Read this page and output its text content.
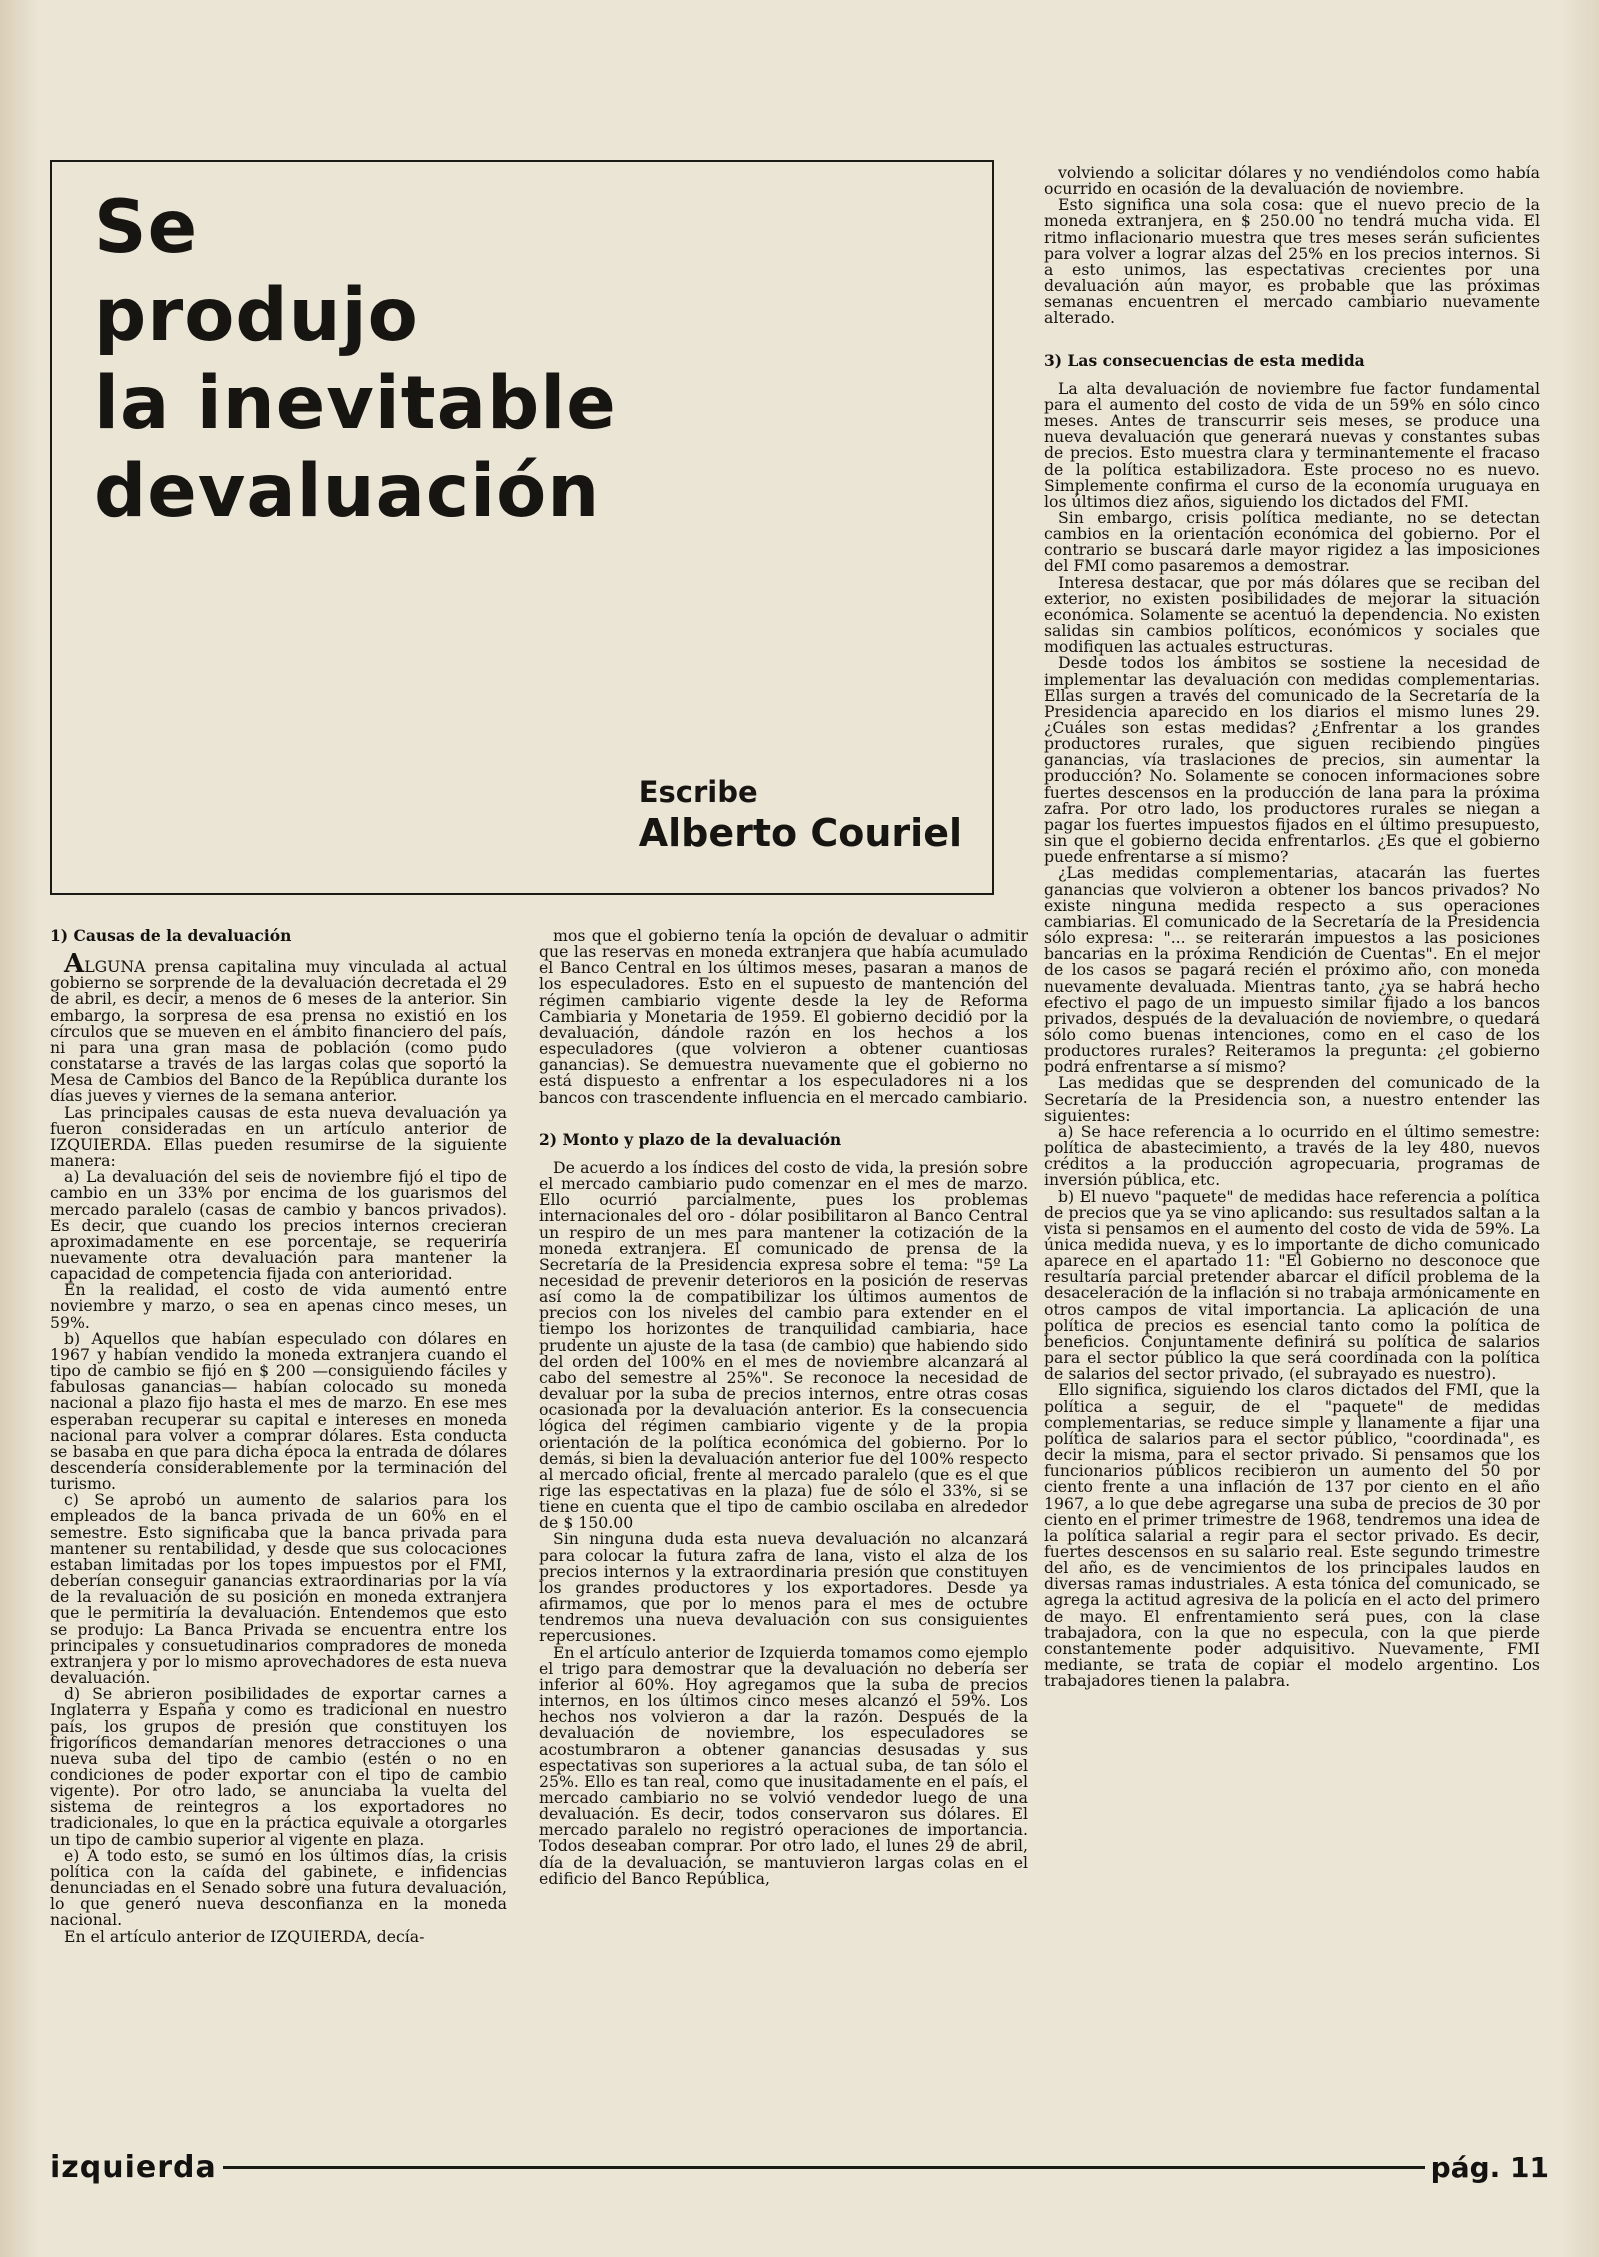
Se
produjo
la inevitable
devaluación
Escribe
Alberto Couriel
1) Causas de la devaluación

ALGUNA prensa capitalina muy vinculada al actual gobierno se sorprende de la devaluación decretada el 29 de abril, es decir, a menos de 6 meses de la anterior. Sin embargo, la sorpresa de esa prensa no existió en los círculos que se mueven en el ámbito financiero del país, ni para una gran masa de población (como pudo constatarse a través de las largas colas que soportó la Mesa de Cambios del Banco de la República durante los días jueves y viernes de la semana anterior.

Las principales causas de esta nueva devaluación ya fueron consideradas en un artículo anterior de IZQUIERDA. Ellas pueden resumirse de la siguiente manera:

a) La devaluación del seis de noviembre fijó el tipo de cambio en un 33% por encima de los guarismos del mercado paralelo (casas de cambio y bancos privados). Es decir, que cuando los precios internos crecieran aproximadamente en ese porcentaje, se requeriría nuevamente otra devaluación para mantener la capacidad de competencia fijada con anterioridad.

En la realidad, el costo de vida aumentó entre noviembre y marzo, o sea en apenas cinco meses, un 59%.

b) Aquellos que habían especulado con dólares en 1967 y habían vendido la moneda extranjera cuando el tipo de cambio se fijó en $ 200 —consiguiendo fáciles y fabulosas ganancias— habían colocado su moneda nacional a plazo fijo hasta el mes de marzo. En ese mes esperaban recuperar su capital e intereses en moneda nacional para volver a comprar dólares. Esta conducta se basaba en que para dicha época la entrada de dólares descendería considerablemente por la terminación del turismo.

c) Se aprobó un aumento de salarios para los empleados de la banca privada de un 60% en el semestre. Esto significaba que la banca privada para mantener su rentabilidad, y desde que sus colocaciones estaban limitadas por los topes impuestos por el FMI, deberían conseguir ganancias extraordinarias por la vía de la revaluación de su posición en moneda extranjera que le permitiría la devaluación. Entendemos que esto se produjo: La Banca Privada se encuentra entre los principales y consuetudinarios compradores de moneda extranjera y por lo mismo aprovechadores de esta nueva devaluación.

d) Se abrieron posibilidades de exportar carnes a Inglaterra y España y como es tradicional en nuestro país, los grupos de presión que constituyen los frigoríficos demandarían menores detracciones o una nueva suba del tipo de cambio (estén o no en condiciones de poder exportar con el tipo de cambio vigente). Por otro lado, se anunciaba la vuelta del sistema de reintegros a los exportadores no tradicionales, lo que en la práctica equivale a otorgarles un tipo de cambio superior al vigente en plaza.

e) A todo esto, se sumó en los últimos días, la crisis política con la caída del gabinete, e infidencias denunciadas en el Senado sobre una futura devaluación, lo que generó nueva desconfianza en la moneda nacional.

En el artículo anterior de IZQUIERDA, decía-

mos que el gobierno tenía la opción de devaluar o admitir que las reservas en moneda extranjera que había acumulado el Banco Central en los últimos meses, pasaran a manos de los especuladores. Esto en el supuesto de mantención del régimen cambiario vigente desde la ley de Reforma Cambiaria y Monetaria de 1959. El gobierno decidió por la devaluación, dándole razón en los hechos a los especuladores (que volvieron a obtener cuantiosas ganancias). Se demuestra nuevamente que el gobierno no está dispuesto a enfrentar a los especuladores ni a los bancos con trascendente influencia en el mercado cambiario.

2) Monto y plazo de la devaluación

De acuerdo a los índices del costo de vida, la presión sobre el mercado cambiario pudo comenzar en el mes de marzo. Ello ocurrió parcialmente, pues los problemas internacionales del oro - dólar posibilitaron al Banco Central un respiro de un mes para mantener la cotización de la moneda extranjera. El comunicado de prensa de la Secretaría de la Presidencia expresa sobre el tema: "5º La necesidad de prevenir deterioros en la posición de reservas así como la de compatibilizar los últimos aumentos de precios con los niveles del cambio para extender en el tiempo los horizontes de tranquilidad cambiaria, hace prudente un ajuste de la tasa (de cambio) que habiendo sido del orden del 100% en el mes de noviembre alcanzará al cabo del semestre al 25%". Se reconoce la necesidad de devaluar por la suba de precios internos, entre otras cosas ocasionada por la devaluación anterior. Es la consecuencia lógica del régimen cambiario vigente y de la propia orientación de la política económica del gobierno. Por lo demás, si bien la devaluación anterior fue del 100% respecto al mercado oficial, frente al mercado paralelo (que es el que rige las espectativas en la plaza) fue de sólo el 33%, si se tiene en cuenta que el tipo de cambio oscilaba en alrededor de $ 150.00

Sin ninguna duda esta nueva devaluación no alcanzará para colocar la futura zafra de lana, visto el alza de los precios internos y la extraordinaria presión que constituyen los grandes productores y los exportadores. Desde ya afirmamos, que por lo menos para el mes de octubre tendremos una nueva devaluación con sus consiguientes repercusiones.

En el artículo anterior de Izquierda tomamos como ejemplo el trigo para demostrar que la devaluación no debería ser inferior al 60%. Hoy agregamos que la suba de precios internos, en los últimos cinco meses alcanzó el 59%. Los hechos nos volvieron a dar la razón. Después de la devaluación de noviembre, los especuladores se acostumbraron a obtener ganancias desusadas y sus espectativas son superiores a la actual suba, de tan sólo el 25%. Ello es tan real, como que inusitadamente en el país, el mercado cambiario no se volvió vendedor luego de una devaluación. Es decir, todos conservaron sus dólares. El mercado paralelo no registró operaciones de importancia. Todos deseaban comprar. Por otro lado, el lunes 29 de abril, día de la devaluación, se mantuvieron largas colas en el edificio del Banco República,

volviendo a solicitar dólares y no vendiéndolos como había ocurrido en ocasión de la devaluación de noviembre.

Esto significa una sola cosa: que el nuevo precio de la moneda extranjera, en $ 250.00 no tendrá mucha vida. El ritmo inflacionario muestra que tres meses serán suficientes para volver a lograr alzas del 25% en los precios internos. Si a esto unimos, las espectativas crecientes por una devaluación aún mayor, es probable que las próximas semanas encuentren el mercado cambiario nuevamente alterado.

3) Las consecuencias de esta medida

La alta devaluación de noviembre fue factor fundamental para el aumento del costo de vida de un 59% en sólo cinco meses. Antes de transcurrir seis meses, se produce una nueva devaluación que generará nuevas y constantes subas de precios. Esto muestra clara y terminantemente el fracaso de la política estabilizadora. Este proceso no es nuevo. Simplemente confirma el curso de la economía uruguaya en los últimos diez años, siguiendo los dictados del FMI.

Sin embargo, crisis política mediante, no se detectan cambios en la orientación económica del gobierno. Por el contrario se buscará darle mayor rigidez a las imposiciones del FMI como pasaremos a demostrar.

Interesa destacar, que por más dólares que se reciban del exterior, no existen posibilidades de mejorar la situación económica. Solamente se acentuó la dependencia. No existen salidas sin cambios políticos, económicos y sociales que modifiquen las actuales estructuras.

Desde todos los ámbitos se sostiene la necesidad de implementar las devaluación con medidas complementarias. Ellas surgen a través del comunicado de la Secretaría de la Presidencia aparecido en los diarios el mismo lunes 29. ¿Cuáles son estas medidas? ¿Enfrentar a los grandes productores rurales, que siguen recibiendo pingües ganancias, vía traslaciones de precios, sin aumentar la producción? No. Solamente se conocen informaciones sobre fuertes descensos en la producción de lana para la próxima zafra. Por otro lado, los productores rurales se niegan a pagar los fuertes impuestos fijados en el último presupuesto, sin que el gobierno decida enfrentarlos. ¿Es que el gobierno puede enfrentarse a sí mismo?

¿Las medidas complementarias, atacarán las fuertes ganancias que volvieron a obtener los bancos privados? No existe ninguna medida respecto a sus operaciones cambiarias. El comunicado de la Secretaría de la Presidencia sólo expresa: "... se reiterarán impuestos a las posiciones bancarias en la próxima Rendición de Cuentas". En el mejor de los casos se pagará recién el próximo año, con moneda nuevamente devaluada. Mientras tanto, ¿ya se habrá hecho efectivo el pago de un impuesto similar fijado a los bancos privados, después de la devaluación de noviembre, o quedará sólo como buenas intenciones, como en el caso de los productores rurales? Reiteramos la pregunta: ¿el gobierno podrá enfrentarse a sí mismo?

Las medidas que se desprenden del comunicado de la Secretaría de la Presidencia son, a nuestro entender las siguientes:

a) Se hace referencia a lo ocurrido en el último semestre: política de abastecimiento, a través de la ley 480, nuevos créditos a la producción agropecuaria, programas de inversión pública, etc.

b) El nuevo "paquete" de medidas hace referencia a política de precios que ya se vino aplicando: sus resultados saltan a la vista si pensamos en el aumento del costo de vida de 59%. La única medida nueva, y es lo importante de dicho comunicado aparece en el apartado 11: "El Gobierno no desconoce que resultaría parcial pretender abarcar el difícil problema de la desaceleración de la inflación si no trabaja armónicamente en otros campos de vital importancia. La aplicación de una política de precios es esencial tanto como la política de beneficios. Conjuntamente definirá su política de salarios para el sector público la que será coordinada con la política de salarios del sector privado, (el subrayado es nuestro).

Ello significa, siguiendo los claros dictados del FMI, que la política a seguir, de el "paquete" de medidas complementarias, se reduce simple y llanamente a fijar una política de salarios para el sector público, "coordinada", es decir la misma, para el sector privado. Si pensamos que los funcionarios públicos recibieron un aumento del 50 por ciento frente a una inflación de 137 por ciento en el año 1967, a lo que debe agregarse una suba de precios de 30 por ciento en el primer trimestre de 1968, tendremos una idea de la política salarial a regir para el sector privado. Es decir, fuertes descensos en su salario real. Este segundo trimestre del año, es de vencimientos de los principales laudos en diversas ramas industriales. A esta tónica del comunicado, se agrega la actitud agresiva de la policía en el acto del primero de mayo. El enfrentamiento será pues, con la clase trabajadora, con la que no especula, con la que pierde constantemente poder adquisitivo. Nuevamente, FMI mediante, se trata de copiar el modelo argentino. Los trabajadores tienen la palabra.

izquierda	pág. 11
